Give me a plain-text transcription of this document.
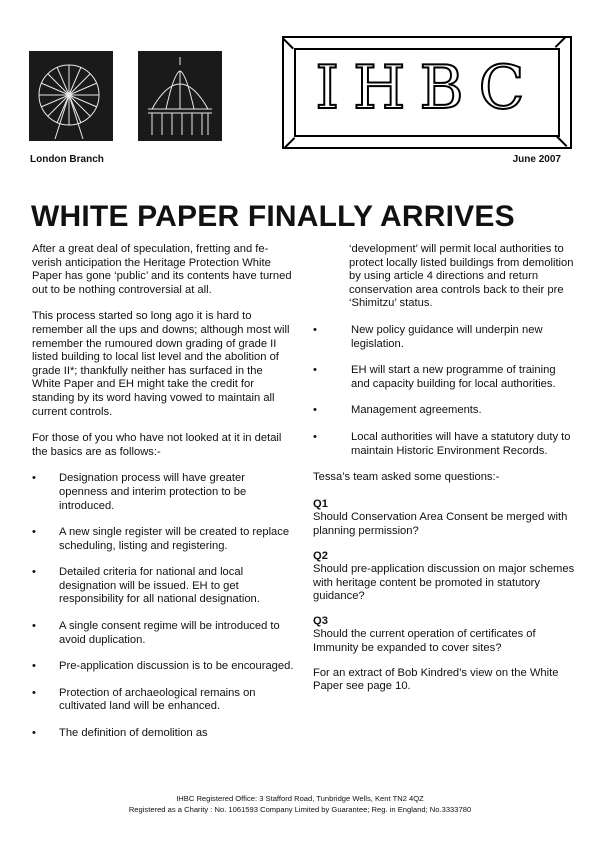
IHBC
London Branch	June 2007
WHITE PAPER FINALLY ARRIVES

After a great deal of speculation, fretting and feverish anticipation the Heritage Protection White Paper has gone ‘public’ and its contents have turned out to be nothing controversial at all.

This process started so long ago it is hard to remember all the ups and downs; although most will remember the rumoured down grading of grade II listed building to local list level and the abolition of grade II*; thankfully neither has surfaced in the White Paper and EH might take the credit for standing by its word having vowed to maintain all current controls.

For those of you who have not looked at it in detail the basics are as follows:-

• Designation process will have greater openness and interim protection to be introduced.
• A new single register will be created to replace scheduling, listing and registering.
• Detailed criteria for national and local designation will be issued. EH to get responsibility for all national designation.
• A single consent regime will be introduced to avoid duplication.
• Pre-application discussion is to be encouraged.
• Protection of archaeological remains on cultivated land will be enhanced.
• The definition of demolition as

‘development’ will permit local authorities to protect locally listed buildings from demolition by using article 4 directions and return conservation area controls back to their pre ‘Shimitzu’ status.

•	New policy guidance will underpin new legislation.
•	EH will start a new programme of training and capacity building for local authorities.
•	Management agreements.
•	Local authorities will have a statutory duty to maintain Historic Environment Records.

Tessa’s team asked some questions:-

Q1
Should Conservation Area Consent be merged with planning permission?
Q2
Should pre-application discussion on major schemes with heritage content be promoted in statutory guidance?
Q3
Should the current operation of certificates of Immunity be expanded to cover sites?

For an extract of Bob Kindred’s view on the White Paper see page 10.

IHBC Registered Office: 3 Stafford Road, Tunbridge Wells, Kent TN2 4QZ
Registered as a Charity : No. 1061593 Company Limited by Guarantee; Reg. in England; No.3333780
